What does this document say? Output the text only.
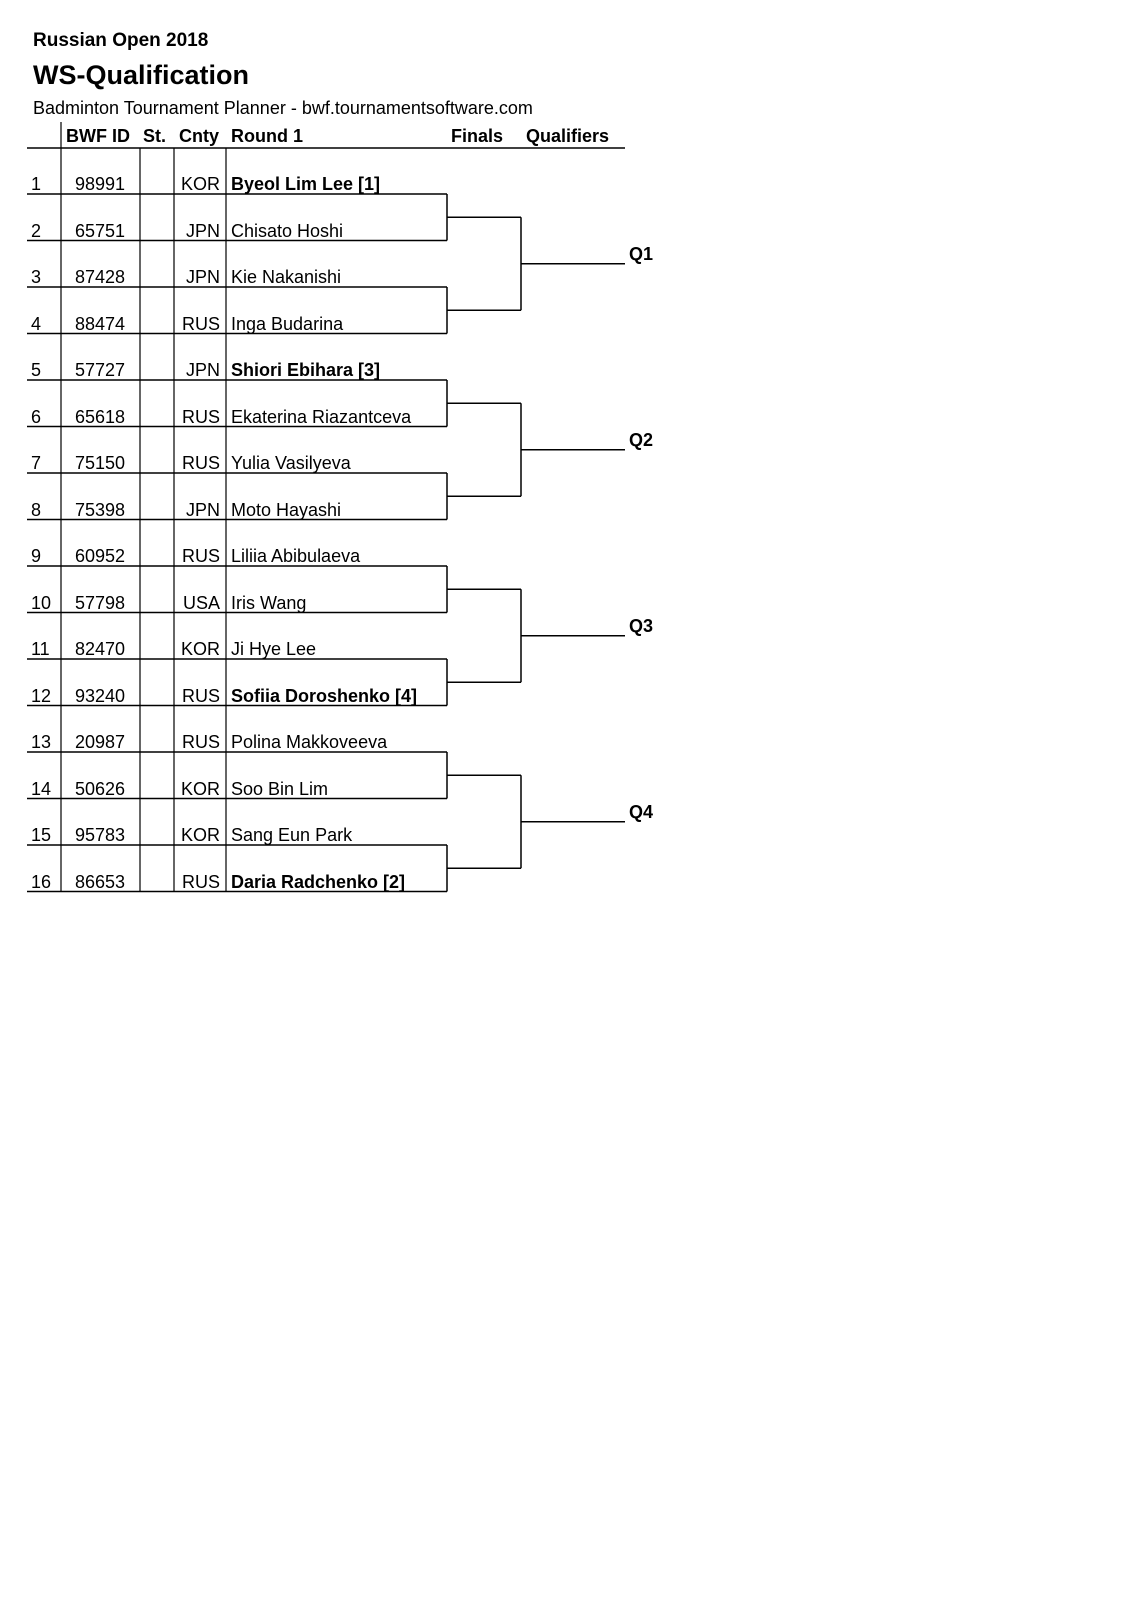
Russian Open 2018
WS-Qualification
Badminton Tournament Planner - bwf.tournamentsoftware.com
BWF ID St. Cnty Round 1	Finals Qualifiers
1 98991	KOR Byeol Lim Lee [1]
2 65751	JPN Chisato Hoshi
3 87428	JPN Kie Nakanishi
4 88474	RUS Inga Budarina
5 57727	JPN Shiori Ebihara [3]
6 65618	RUS Ekaterina Riazantceva
7 75150	RUS Yulia Vasilyeva
8 75398	JPN Moto Hayashi
9 60952	RUS Liliia Abibulaeva
10 57798	USA Iris Wang
11 82470	KOR Ji Hye Lee
12 93240	RUS Sofiia Doroshenko [4]
13 20987	RUS Polina Makkoveeva
14 50626	KOR Soo Bin Lim
15 95783	KOR Sang Eun Park
16 86653	RUS Daria Radchenko [2]
Q1
Q2
Q3
Q4
